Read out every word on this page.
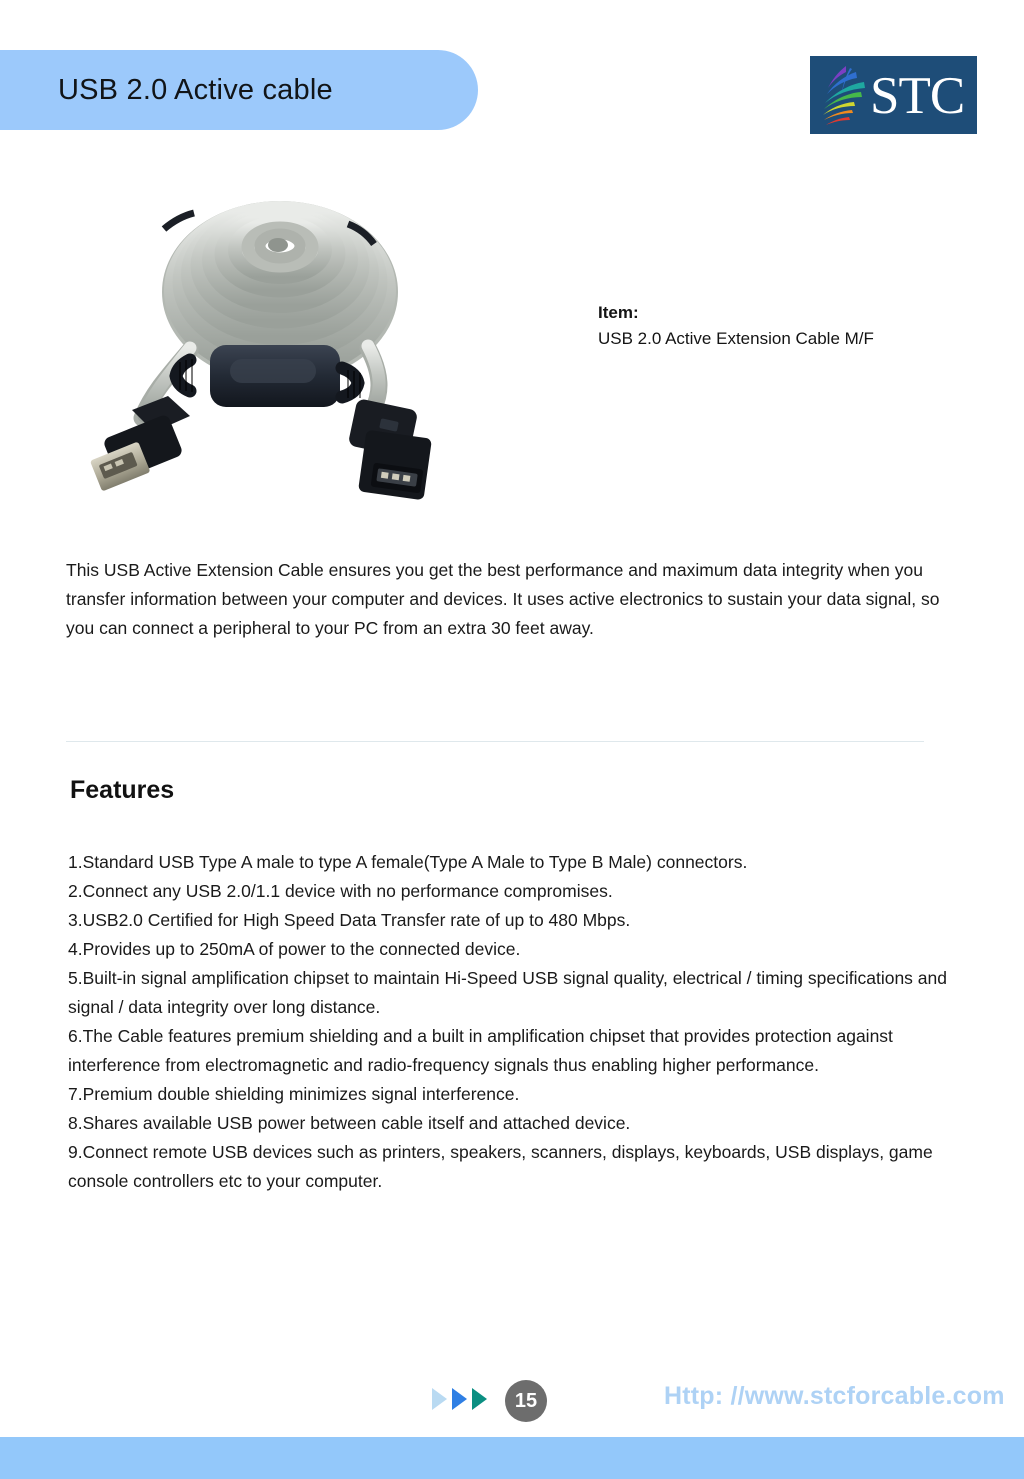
USB 2.0 Active cable	STC
Item:
USB 2.0 Active Extension Cable M/F
This USB Active Extension Cable ensures you get the best performance and maximum data integrity when you transfer information between your computer and devices. It uses active electronics to sustain your data signal, so you can connect a peripheral to your PC from an extra 30 feet away.
Features
1.Standard USB Type A male to type A female(Type A Male to Type B Male) connectors.
2.Connect any USB 2.0/1.1 device with no performance compromises.
3.USB2.0 Certified for High Speed Data Transfer rate of up to 480 Mbps.
4.Provides up to 250mA of power to the connected device.
5.Built-in signal amplification chipset to maintain Hi-Speed USB signal quality, electrical / timing specifications and signal / data integrity over long distance.
6.The Cable features premium shielding and a built in amplification chipset that provides protection against interference from electromagnetic and radio-frequency signals thus enabling higher performance.
7.Premium double shielding minimizes signal interference.
8.Shares available USB power between cable itself and attached device.
9.Connect remote USB devices such as printers, speakers, scanners, displays, keyboards, USB displays, game console controllers etc to your computer.
15	Http: //www.stcforcable.com
